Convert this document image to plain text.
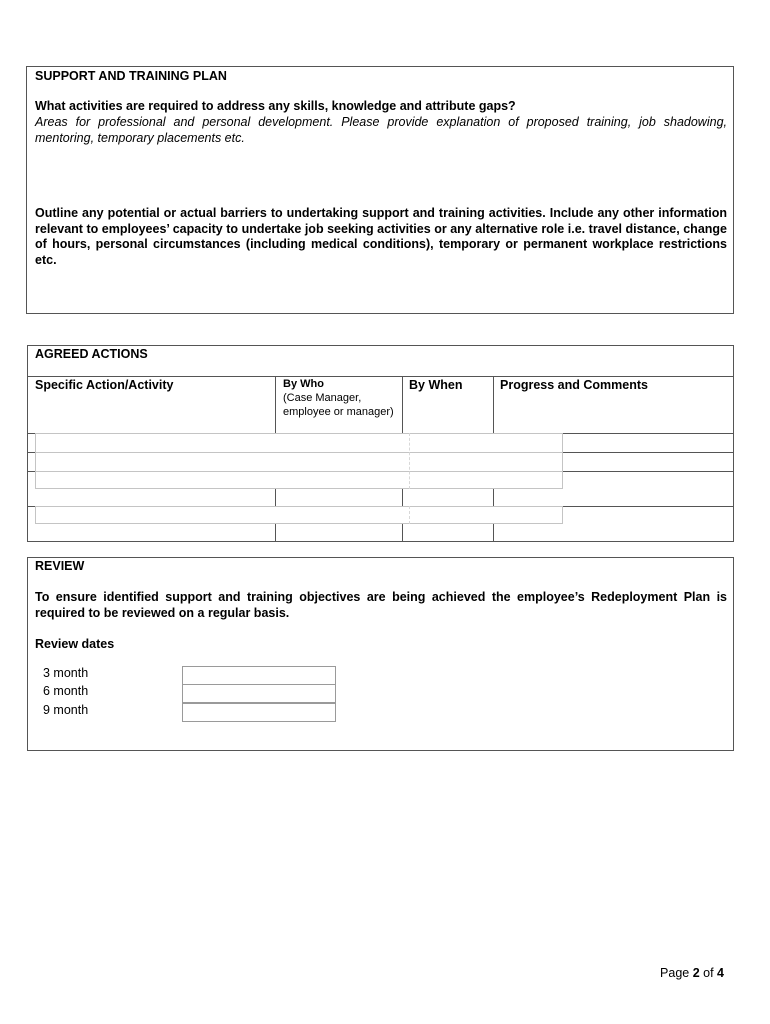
SUPPORT AND TRAINING PLAN
What activities are required to address any skills, knowledge and attribute gaps?
Areas for professional and personal development. Please provide explanation of proposed training, job shadowing, mentoring, temporary placements etc.
Outline any potential or actual barriers to undertaking support and training activities. Include any other information relevant to employees’ capacity to undertake job seeking activities or any alternative role i.e. travel distance, change of hours, personal circumstances (including medical conditions), temporary or permanent workplace restrictions etc.
AGREED ACTIONS
Specific Action/Activity	By Who
(Case Manager, employee or manager)
By When	Progress and Comments
REVIEW
To ensure identified support and training objectives are being achieved the employee’s Redeployment Plan is required to be reviewed on a regular basis.
Review dates
3 month
6 month
9 month
Page 2 of 4
